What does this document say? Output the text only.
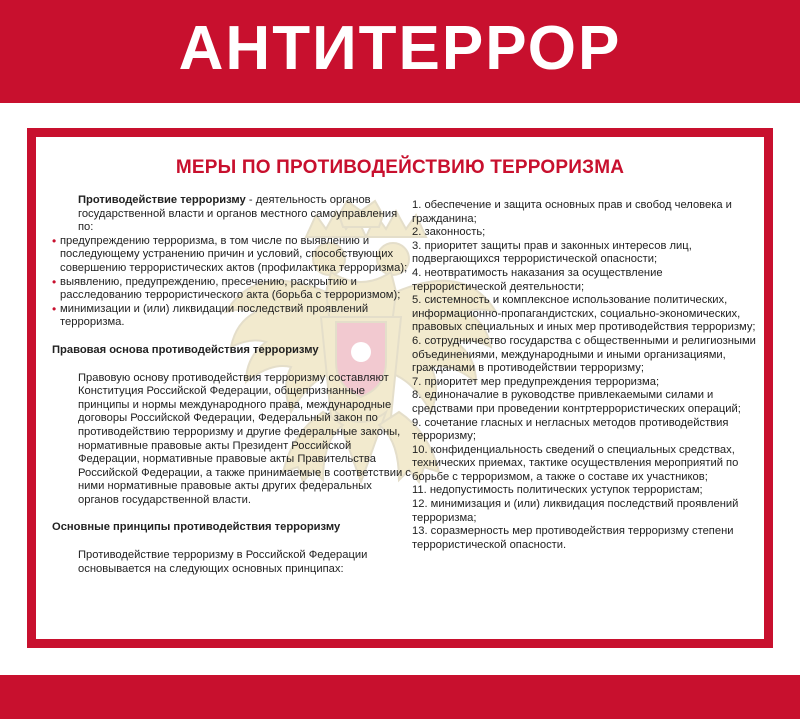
АНТИТЕРРОР
МЕРЫ ПО ПРОТИВОДЕЙСТВИЮ ТЕРРОРИЗМА
Противодействие терроризму - деятельность органов государственной власти и органов местного самоуправления по:
• предупреждению терроризма, в том числе по выявлению и последующему устранению причин и условий, способствующих совершению террористических актов (профилактика терроризма);
• выявлению, предупреждению, пресечению, раскрытию и расследованию террористического акта (борьба с терроризмом);
• минимизации и (или) ликвидации последствий проявлений терроризма.
Правовая основа противодействия терроризму
Правовую основу противодействия терроризму составляют Конституция Российской Федерации, общепризнанные принципы и нормы международного права, международные договоры Российской Федерации, Федеральный закон по противодействию терроризму и другие федеральные законы, нормативные правовые акты Президент Российской Федерации, нормативные правовые акты Правительства Российской Федерации, а также принимаемые в соответствии с ними нормативные правовые акты других федеральных органов государственной власти.
Основные принципы противодействия терроризму
Противодействие терроризму в Российской Федерации основывается на следующих основных принципах:
1. обеспечение и защита основных прав и свобод человека и гражданина;
2. законность;
3. приоритет защиты прав и законных интересов лиц, подвергающихся террористической опасности;
4. неотвратимость наказания за осуществление террористической деятельности;
5. системность и комплексное использование политических, информационно-пропагандистских, социально-экономических, правовых специальных и иных мер противодействия терроризму;
6. сотрудничество государства с общественными и религиозными объединениями, международными и иными организациями, гражданами в противодействии терроризму;
7. приоритет мер предупреждения терроризма;
8. единоначалие в руководстве привлекаемыми силами и средствами при проведении контртеррористических операций;
9. сочетание гласных и негласных методов противодействия терроризму;
10. конфиденциальность сведений о специальных средствах, технических приемах, тактике осуществления мероприятий по борьбе с терроризмом, а также о составе их участников;
11. недопустимость политических уступок террористам;
12. минимизация и (или) ликвидация последствий проявлений терроризма;
13. соразмерность мер противодействия терроризму степени террористической опасности.
